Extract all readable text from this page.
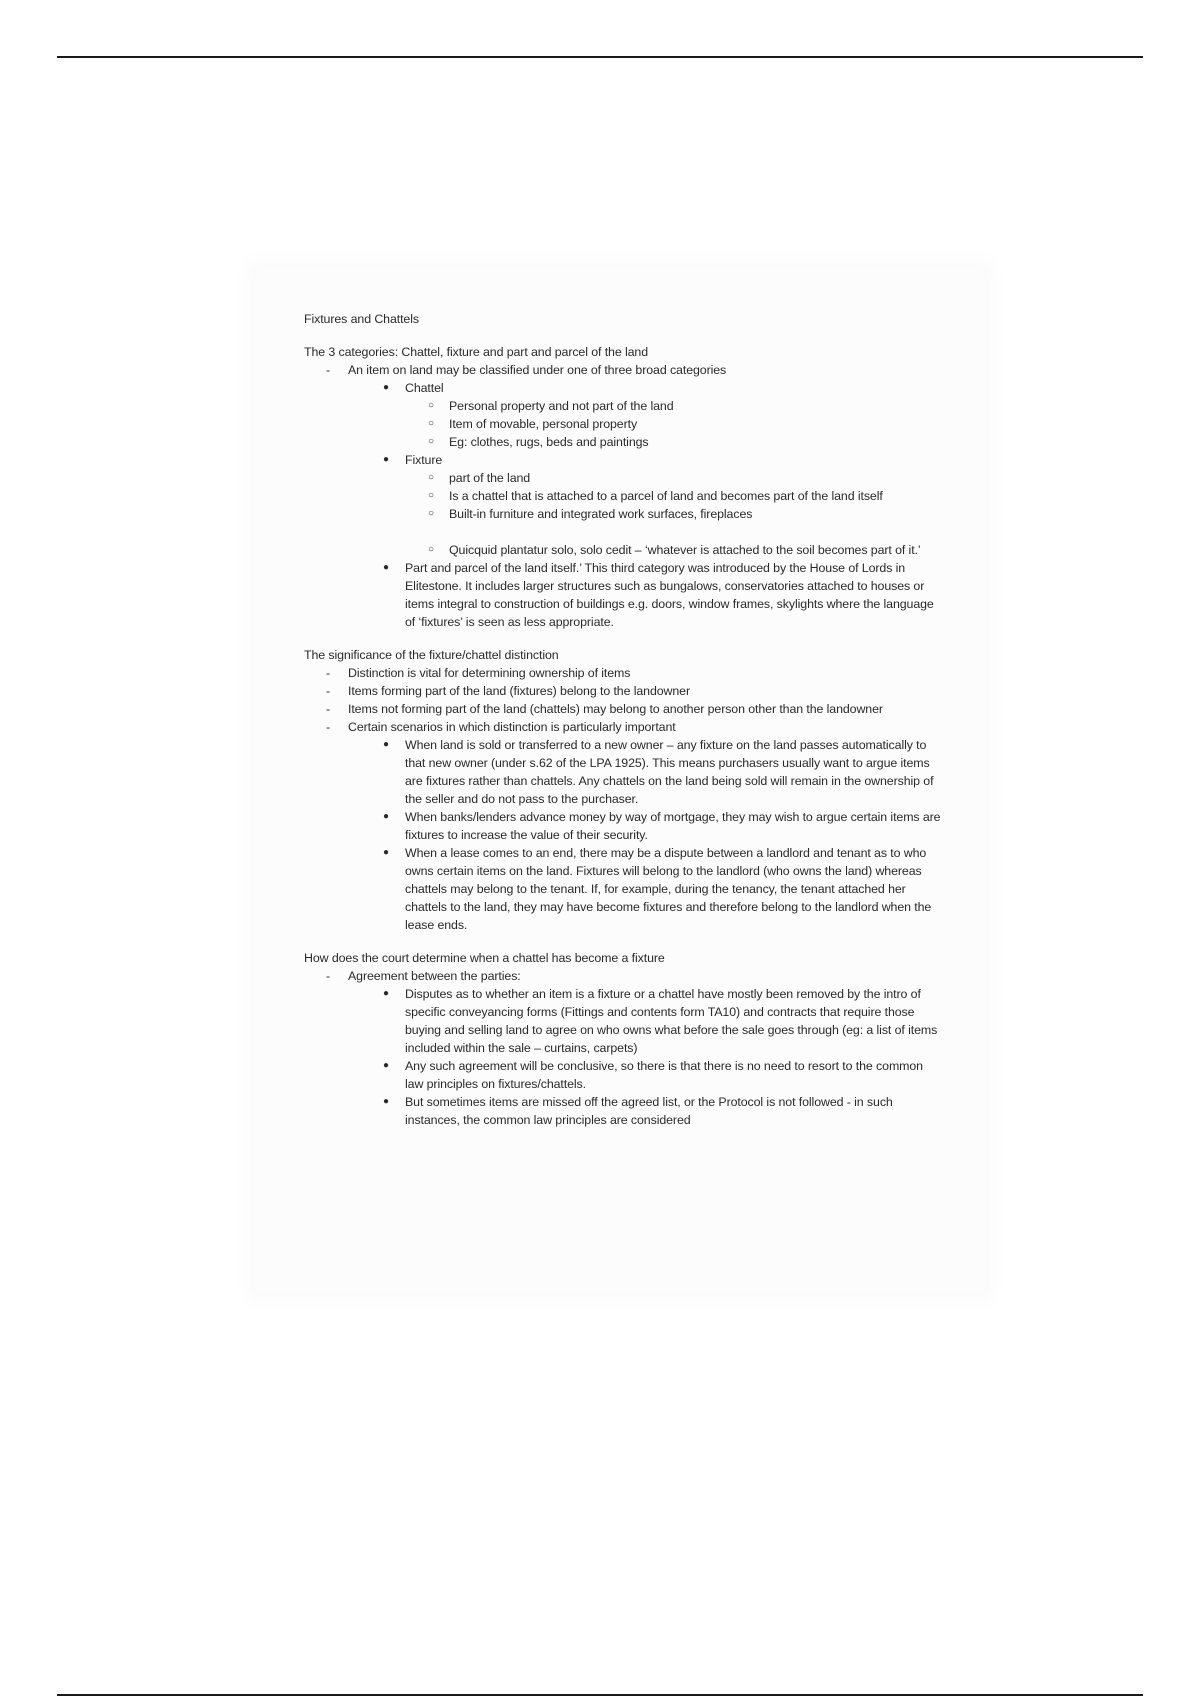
Fixtures and Chattels
The 3 categories: Chattel, fixture and part and parcel of the land
- An item on land may be classified under one of three broad categories
● Chattel
○ Personal property and not part of the land
○ Item of movable, personal property
○ Eg: clothes, rugs, beds and paintings
● Fixture
○ part of the land
○ Is a chattel that is attached to a parcel of land and becomes part of the land itself
○ Built-in furniture and integrated work surfaces, fireplaces
○ Quicquid plantatur solo, solo cedit – ‘whatever is attached to the soil becomes part of it.’
● Part and parcel of the land itself.’ This third category was introduced by the House of Lords in Elitestone. It includes larger structures such as bungalows, conservatories attached to houses or items integral to construction of buildings e.g. doors, window frames, skylights where the language of ‘fixtures’ is seen as less appropriate.
The significance of the fixture/chattel distinction
- Distinction is vital for determining ownership of items
- Items forming part of the land (fixtures) belong to the landowner
- Items not forming part of the land (chattels) may belong to another person other than the landowner
- Certain scenarios in which distinction is particularly important
● When land is sold or transferred to a new owner – any fixture on the land passes automatically to that new owner (under s.62 of the LPA 1925). This means purchasers usually want to argue items are fixtures rather than chattels. Any chattels on the land being sold will remain in the ownership of the seller and do not pass to the purchaser.
● When banks/lenders advance money by way of mortgage, they may wish to argue certain items are fixtures to increase the value of their security.
● When a lease comes to an end, there may be a dispute between a landlord and tenant as to who owns certain items on the land. Fixtures will belong to the landlord (who owns the land) whereas chattels may belong to the tenant. If, for example, during the tenancy, the tenant attached her chattels to the land, they may have become fixtures and therefore belong to the landlord when the lease ends.
How does the court determine when a chattel has become a fixture
- Agreement between the parties:
● Disputes as to whether an item is a fixture or a chattel have mostly been removed by the intro of specific conveyancing forms (Fittings and contents form TA10) and contracts that require those buying and selling land to agree on who owns what before the sale goes through (eg: a list of items included within the sale – curtains, carpets)
● Any such agreement will be conclusive, so there is that there is no need to resort to the common law principles on fixtures/chattels.
● But sometimes items are missed off the agreed list, or the Protocol is not followed - in such instances, the common law principles are considered
